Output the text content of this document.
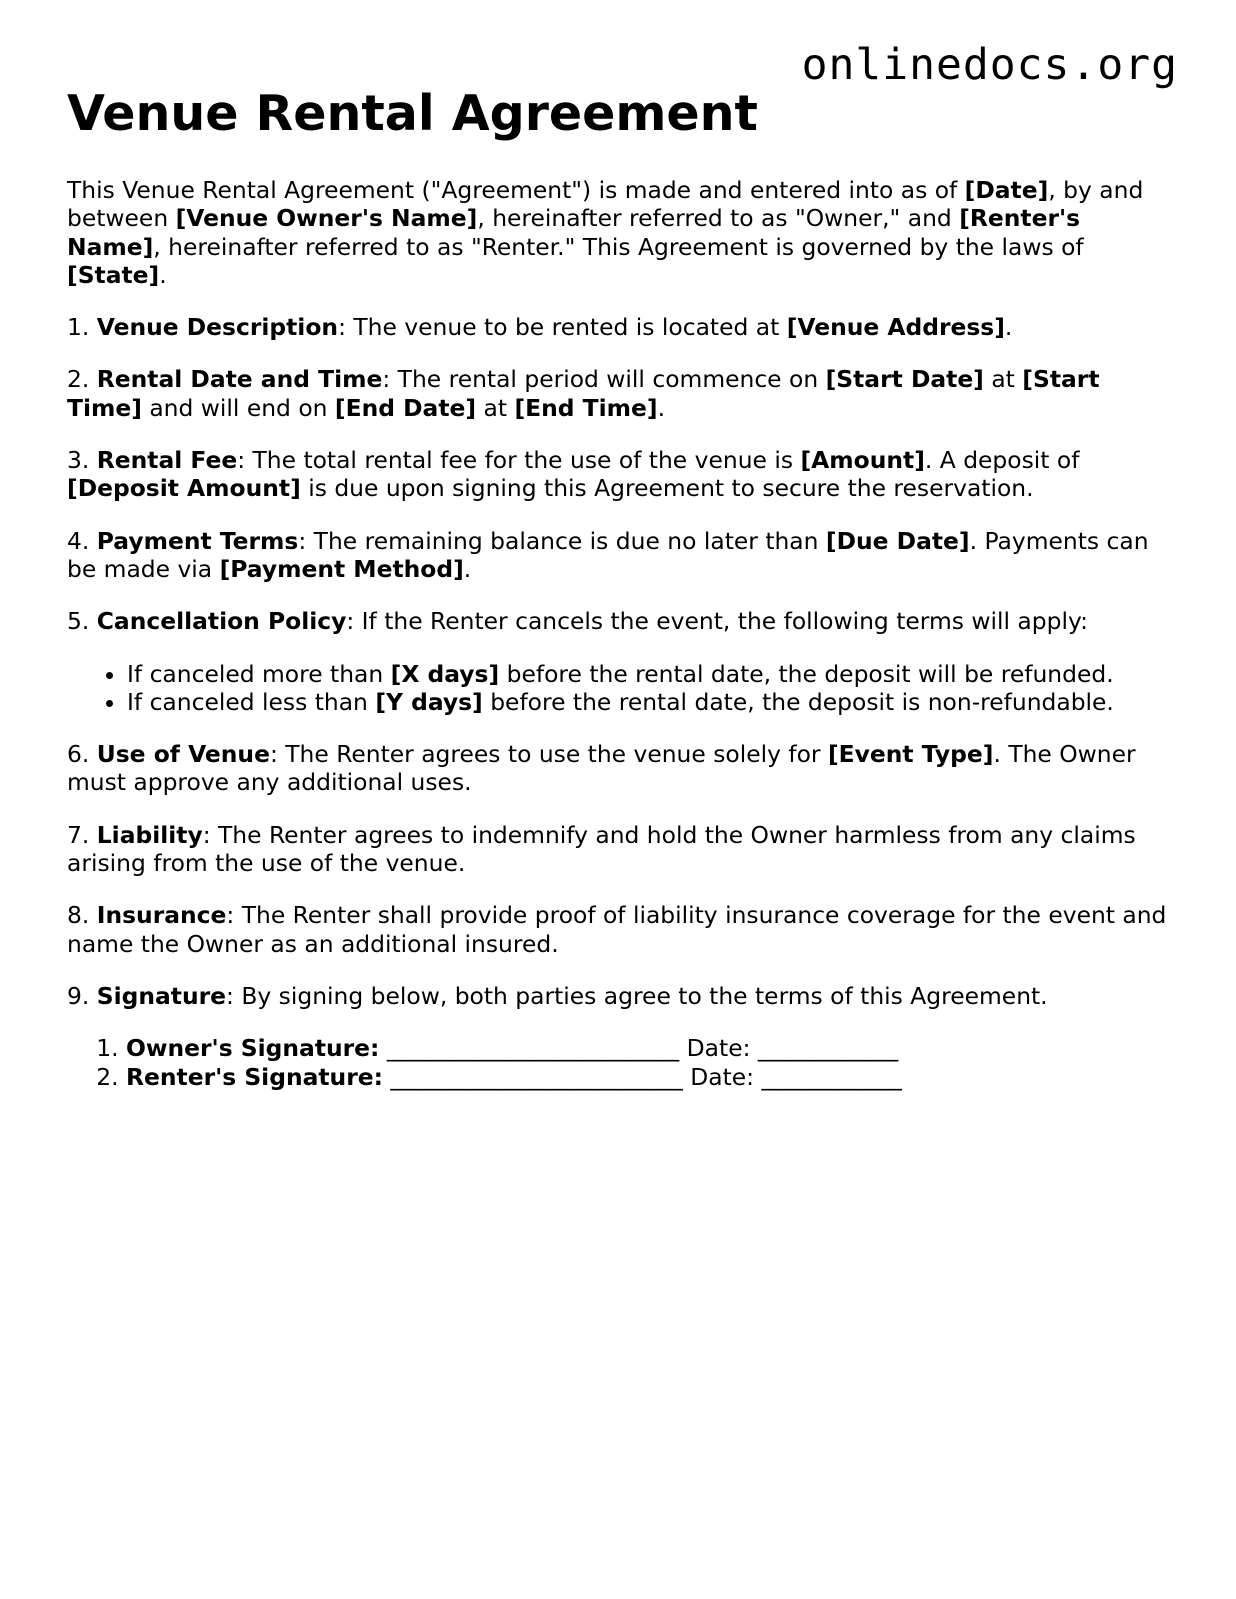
onlinedocs.org
Venue Rental Agreement

This Venue Rental Agreement ("Agreement") is made and entered into as of [Date], by and between [Venue Owner's Name], hereinafter referred to as "Owner," and [Renter's Name], hereinafter referred to as "Renter." This Agreement is governed by the laws of [State].

1. Venue Description: The venue to be rented is located at [Venue Address].

2. Rental Date and Time: The rental period will commence on [Start Date] at [Start Time] and will end on [End Date] at [End Time].

3. Rental Fee: The total rental fee for the use of the venue is [Amount]. A deposit of [Deposit Amount] is due upon signing this Agreement to secure the reservation.

4. Payment Terms: The remaining balance is due no later than [Due Date]. Payments can be made via [Payment Method].

5. Cancellation Policy: If the Renter cancels the event, the following terms will apply:

• If canceled more than [X days] before the rental date, the deposit will be refunded.
• If canceled less than [Y days] before the rental date, the deposit is non-refundable.

6. Use of Venue: The Renter agrees to use the venue solely for [Event Type]. The Owner must approve any additional uses.

7. Liability: The Renter agrees to indemnify and hold the Owner harmless from any claims arising from the use of the venue.

8. Insurance: The Renter shall provide proof of liability insurance coverage for the event and name the Owner as an additional insured.

9. Signature: By signing below, both parties agree to the terms of this Agreement.

1. Owner's Signature: _________________________ Date: ____________
2. Renter's Signature: _________________________ Date: ____________
